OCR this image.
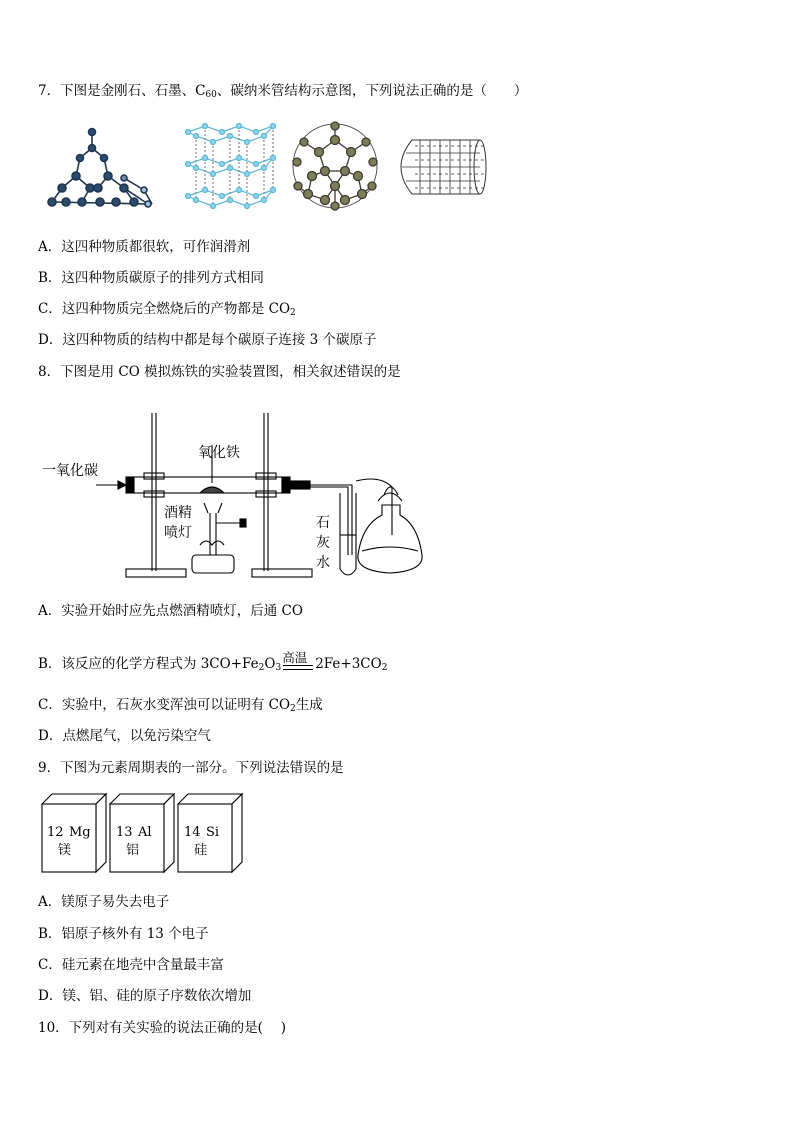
7．下图是金刚石、石墨、$C_{60}$、碳纳米管结构示意图，下列说法正确的是（　　）
A．这四种物质都很软，可作润滑剂
B．这四种物质碳原子的排列方式相同
C．这四种物质完全燃烧后的产物都是 $CO_2$
D．这四种物质的结构中都是每个碳原子连接 3 个碳原子
8．下图是用 CO 模拟炼铁的实验装置图，相关叙述错误的是
一氧化碳
氧化铁
酒精
喷灯
石
灰
水
A．实验开始时应先点燃酒精喷灯，后通 CO
B．该反应的化学方程式为 $3CO+Fe_2O_3$
高温 $2Fe+3CO_2$
C．实验中，石灰水变浑浊可以证明有 $CO_2$生成
D．点燃尾气，以免污染空气
9．下图为元素周期表的一部分。下列说法错误的是
12 Mg
镁
13 Al
铝
14 Si
硅
A．镁原子易失去电子
B．铝原子核外有 13 个电子
C．硅元素在地壳中含量最丰富
D．镁、铝、硅的原子序数依次增加
10．下列对有关实验的说法正确的是(　 )
